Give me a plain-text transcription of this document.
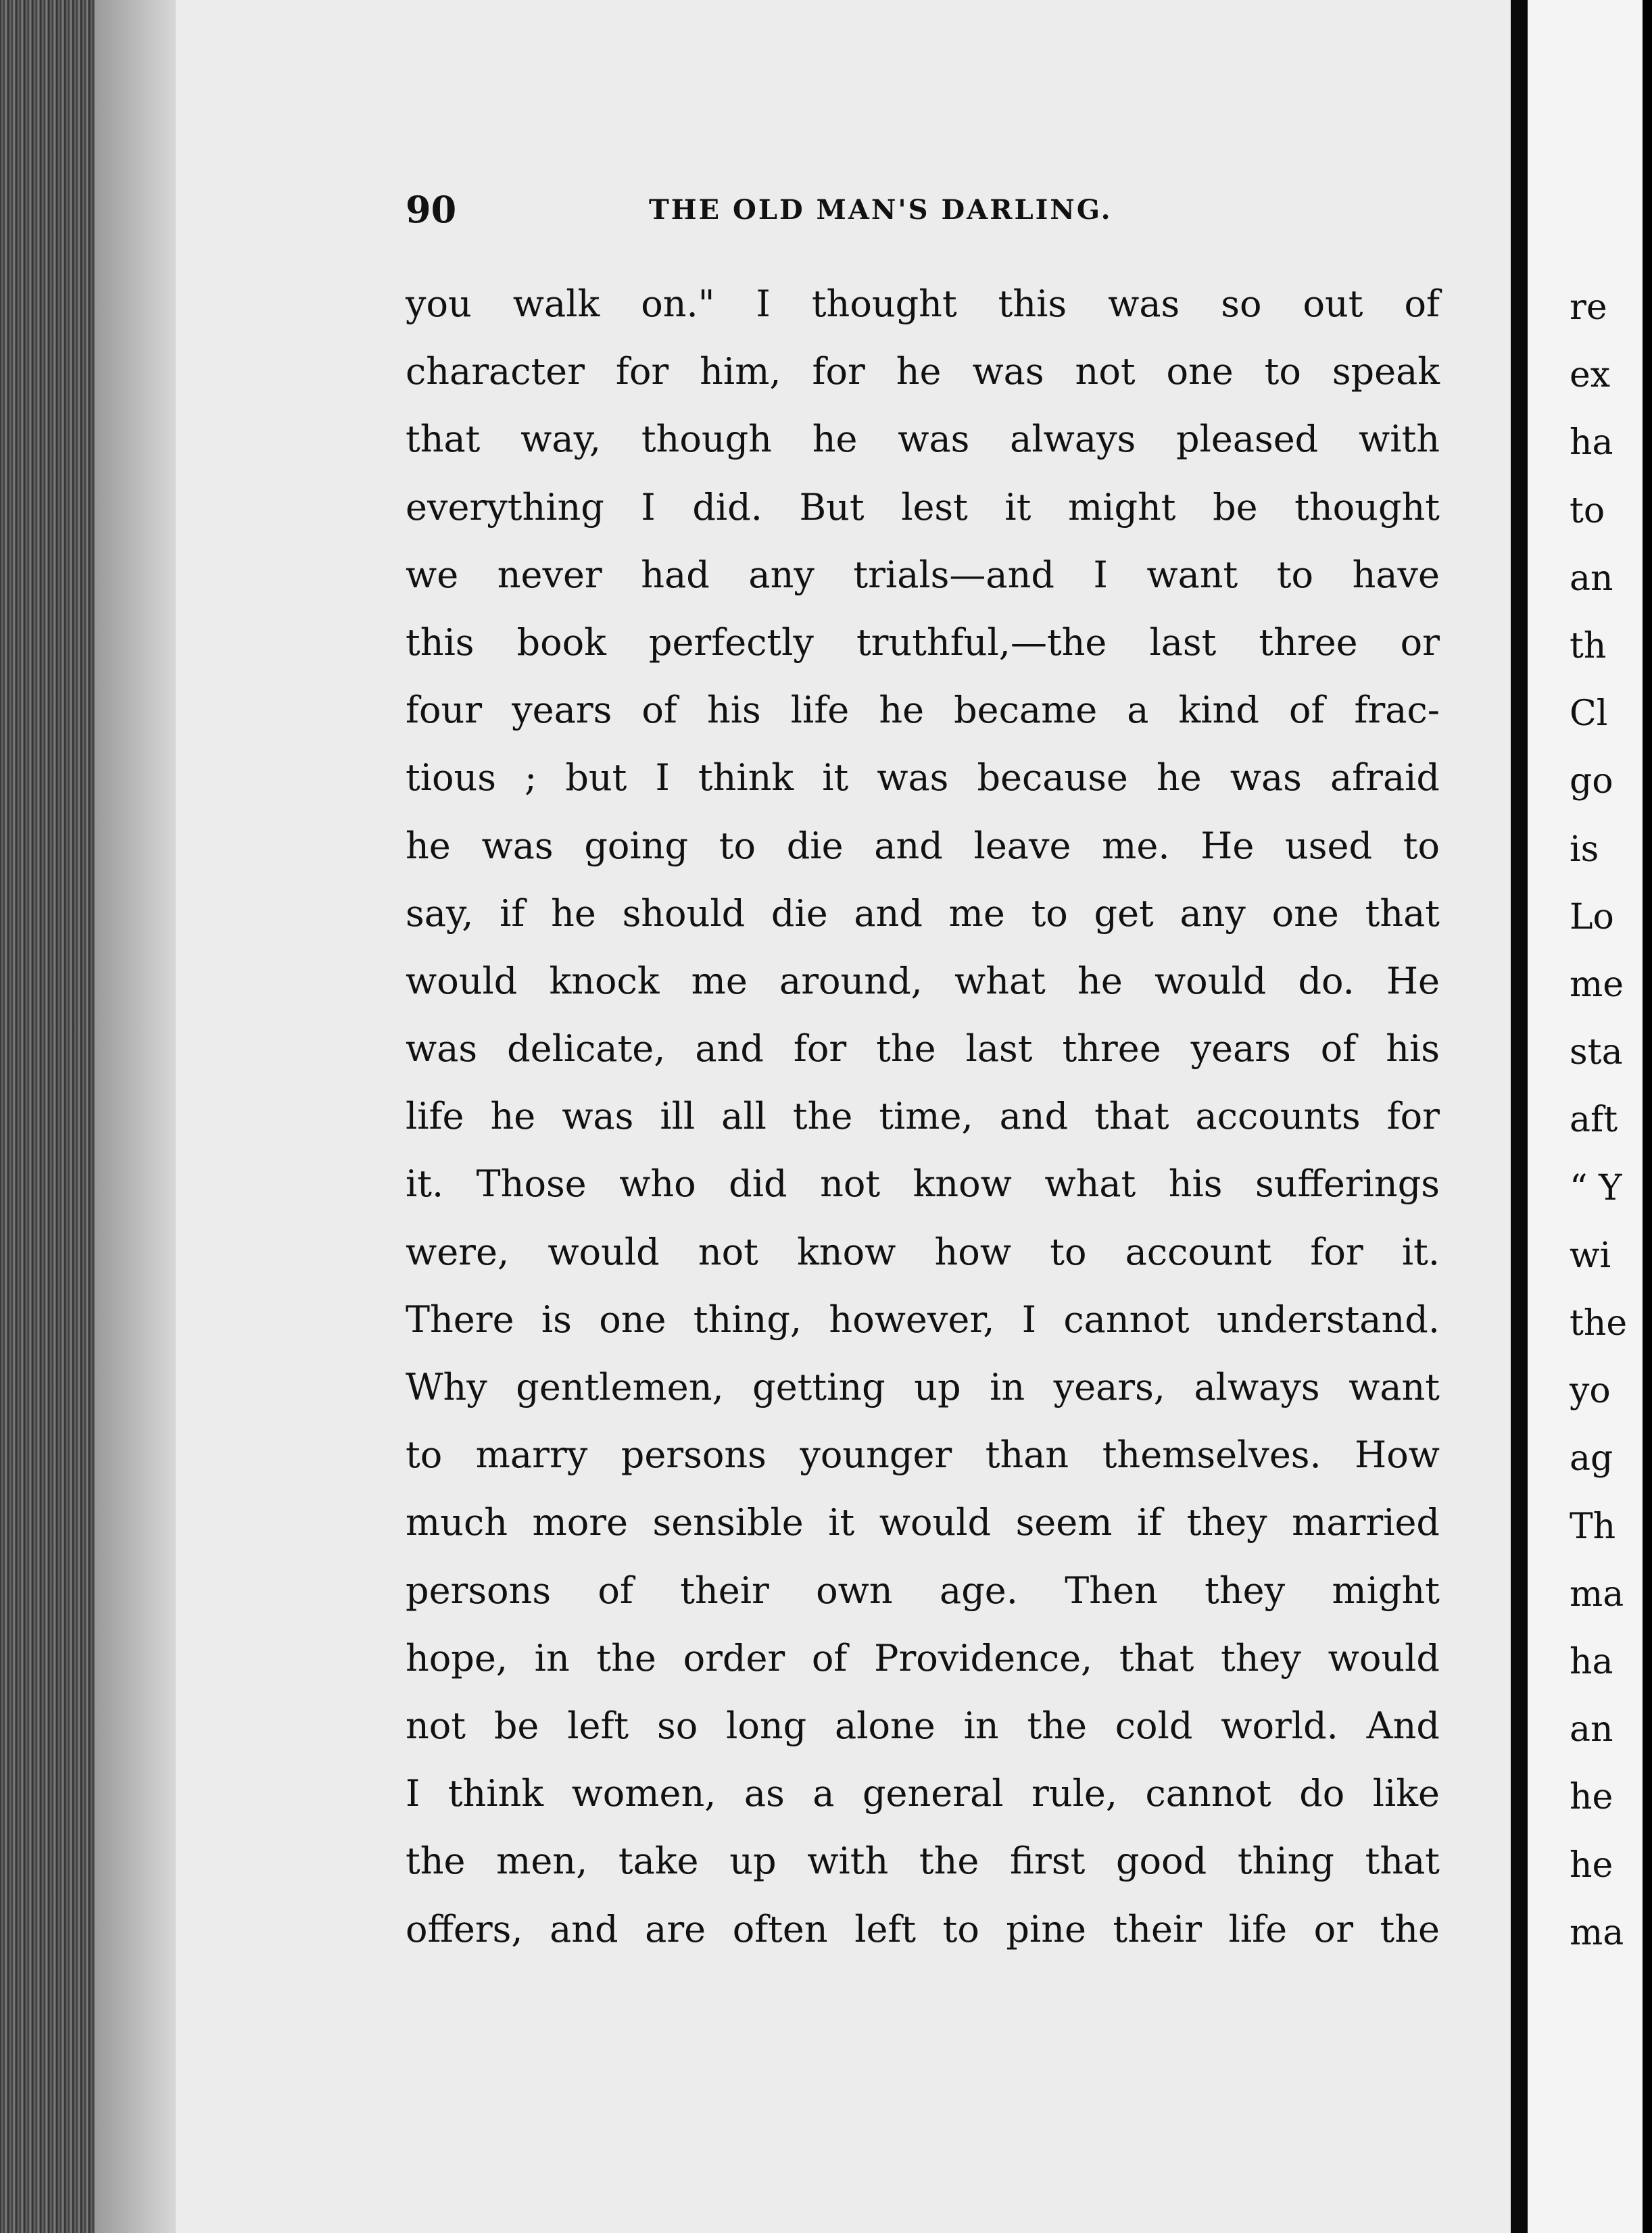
re
ex
ha
to
an
th
Cl
go
is
Lo
me
sta
aft
“ Y
wi
the
yo
ag
Th
ma
ha
an
he
he
ma
90	THE OLD MAN'S DARLING.
you walk on." I thought this was so out of
character for him, for he was not one to speak
that way, though he was always pleased with
everything I did. But lest it might be thought
we never had any trials—and I want to have
this book perfectly truthful,—the last three or
four years of his life he became a kind of frac-
tious ; but I think it was because he was afraid
he was going to die and leave me. He used to
say, if he should die and me to get any one that
would knock me around, what he would do. He
was delicate, and for the last three years of his
life he was ill all the time, and that accounts for
it. Those who did not know what his sufferings
were, would not know how to account for it.
There is one thing, however, I cannot understand.
Why gentlemen, getting up in years, always want
to marry persons younger than themselves. How
much more sensible it would seem if they married
persons of their own age. Then they might
hope, in the order of Providence, that they would
not be left so long alone in the cold world. And
I think women, as a general rule, cannot do like
the men, take up with the first good thing that
offers, and are often left to pine their life or the
